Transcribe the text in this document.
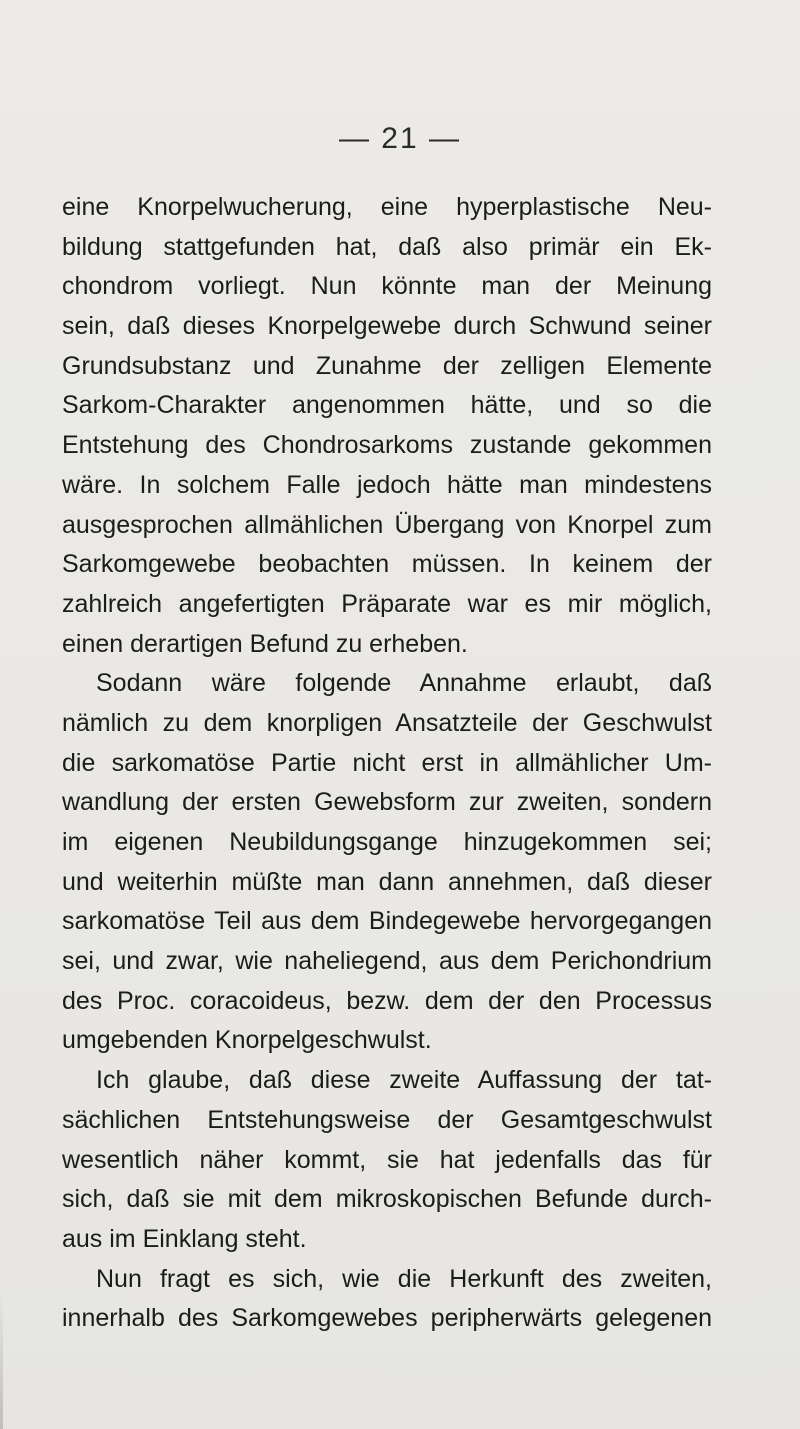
— 21 —
eine Knorpelwucherung, eine hyperplastische Neu-
bildung stattgefunden hat, daß also primär ein Ek-
chondrom vorliegt. Nun könnte man der Meinung
sein, daß dieses Knorpelgewebe durch Schwund seiner
Grundsubstanz und Zunahme der zelligen Elemente
Sarkom-Charakter angenommen hätte, und so die
Entstehung des Chondrosarkoms zustande gekommen
wäre. In solchem Falle jedoch hätte man mindestens
ausgesprochen allmählichen Übergang von Knorpel zum
Sarkomgewebe beobachten müssen. In keinem der
zahlreich angefertigten Präparate war es mir möglich,
einen derartigen Befund zu erheben.
Sodann wäre folgende Annahme erlaubt, daß
nämlich zu dem knorpligen Ansatzteile der Geschwulst
die sarkomatöse Partie nicht erst in allmählicher Um-
wandlung der ersten Gewebsform zur zweiten, sondern
im eigenen Neubildungsgange hinzugekommen sei;
und weiterhin müßte man dann annehmen, daß dieser
sarkomatöse Teil aus dem Bindegewebe hervorgegangen
sei, und zwar, wie naheliegend, aus dem Perichondrium
des Proc. coracoideus, bezw. dem der den Processus
umgebenden Knorpelgeschwulst.
Ich glaube, daß diese zweite Auffassung der tat-
sächlichen Entstehungsweise der Gesamtgeschwulst
wesentlich näher kommt, sie hat jedenfalls das für
sich, daß sie mit dem mikroskopischen Befunde durch-
aus im Einklang steht.
Nun fragt es sich, wie die Herkunft des zweiten,
innerhalb des Sarkomgewebes peripherwärts gelegenen
